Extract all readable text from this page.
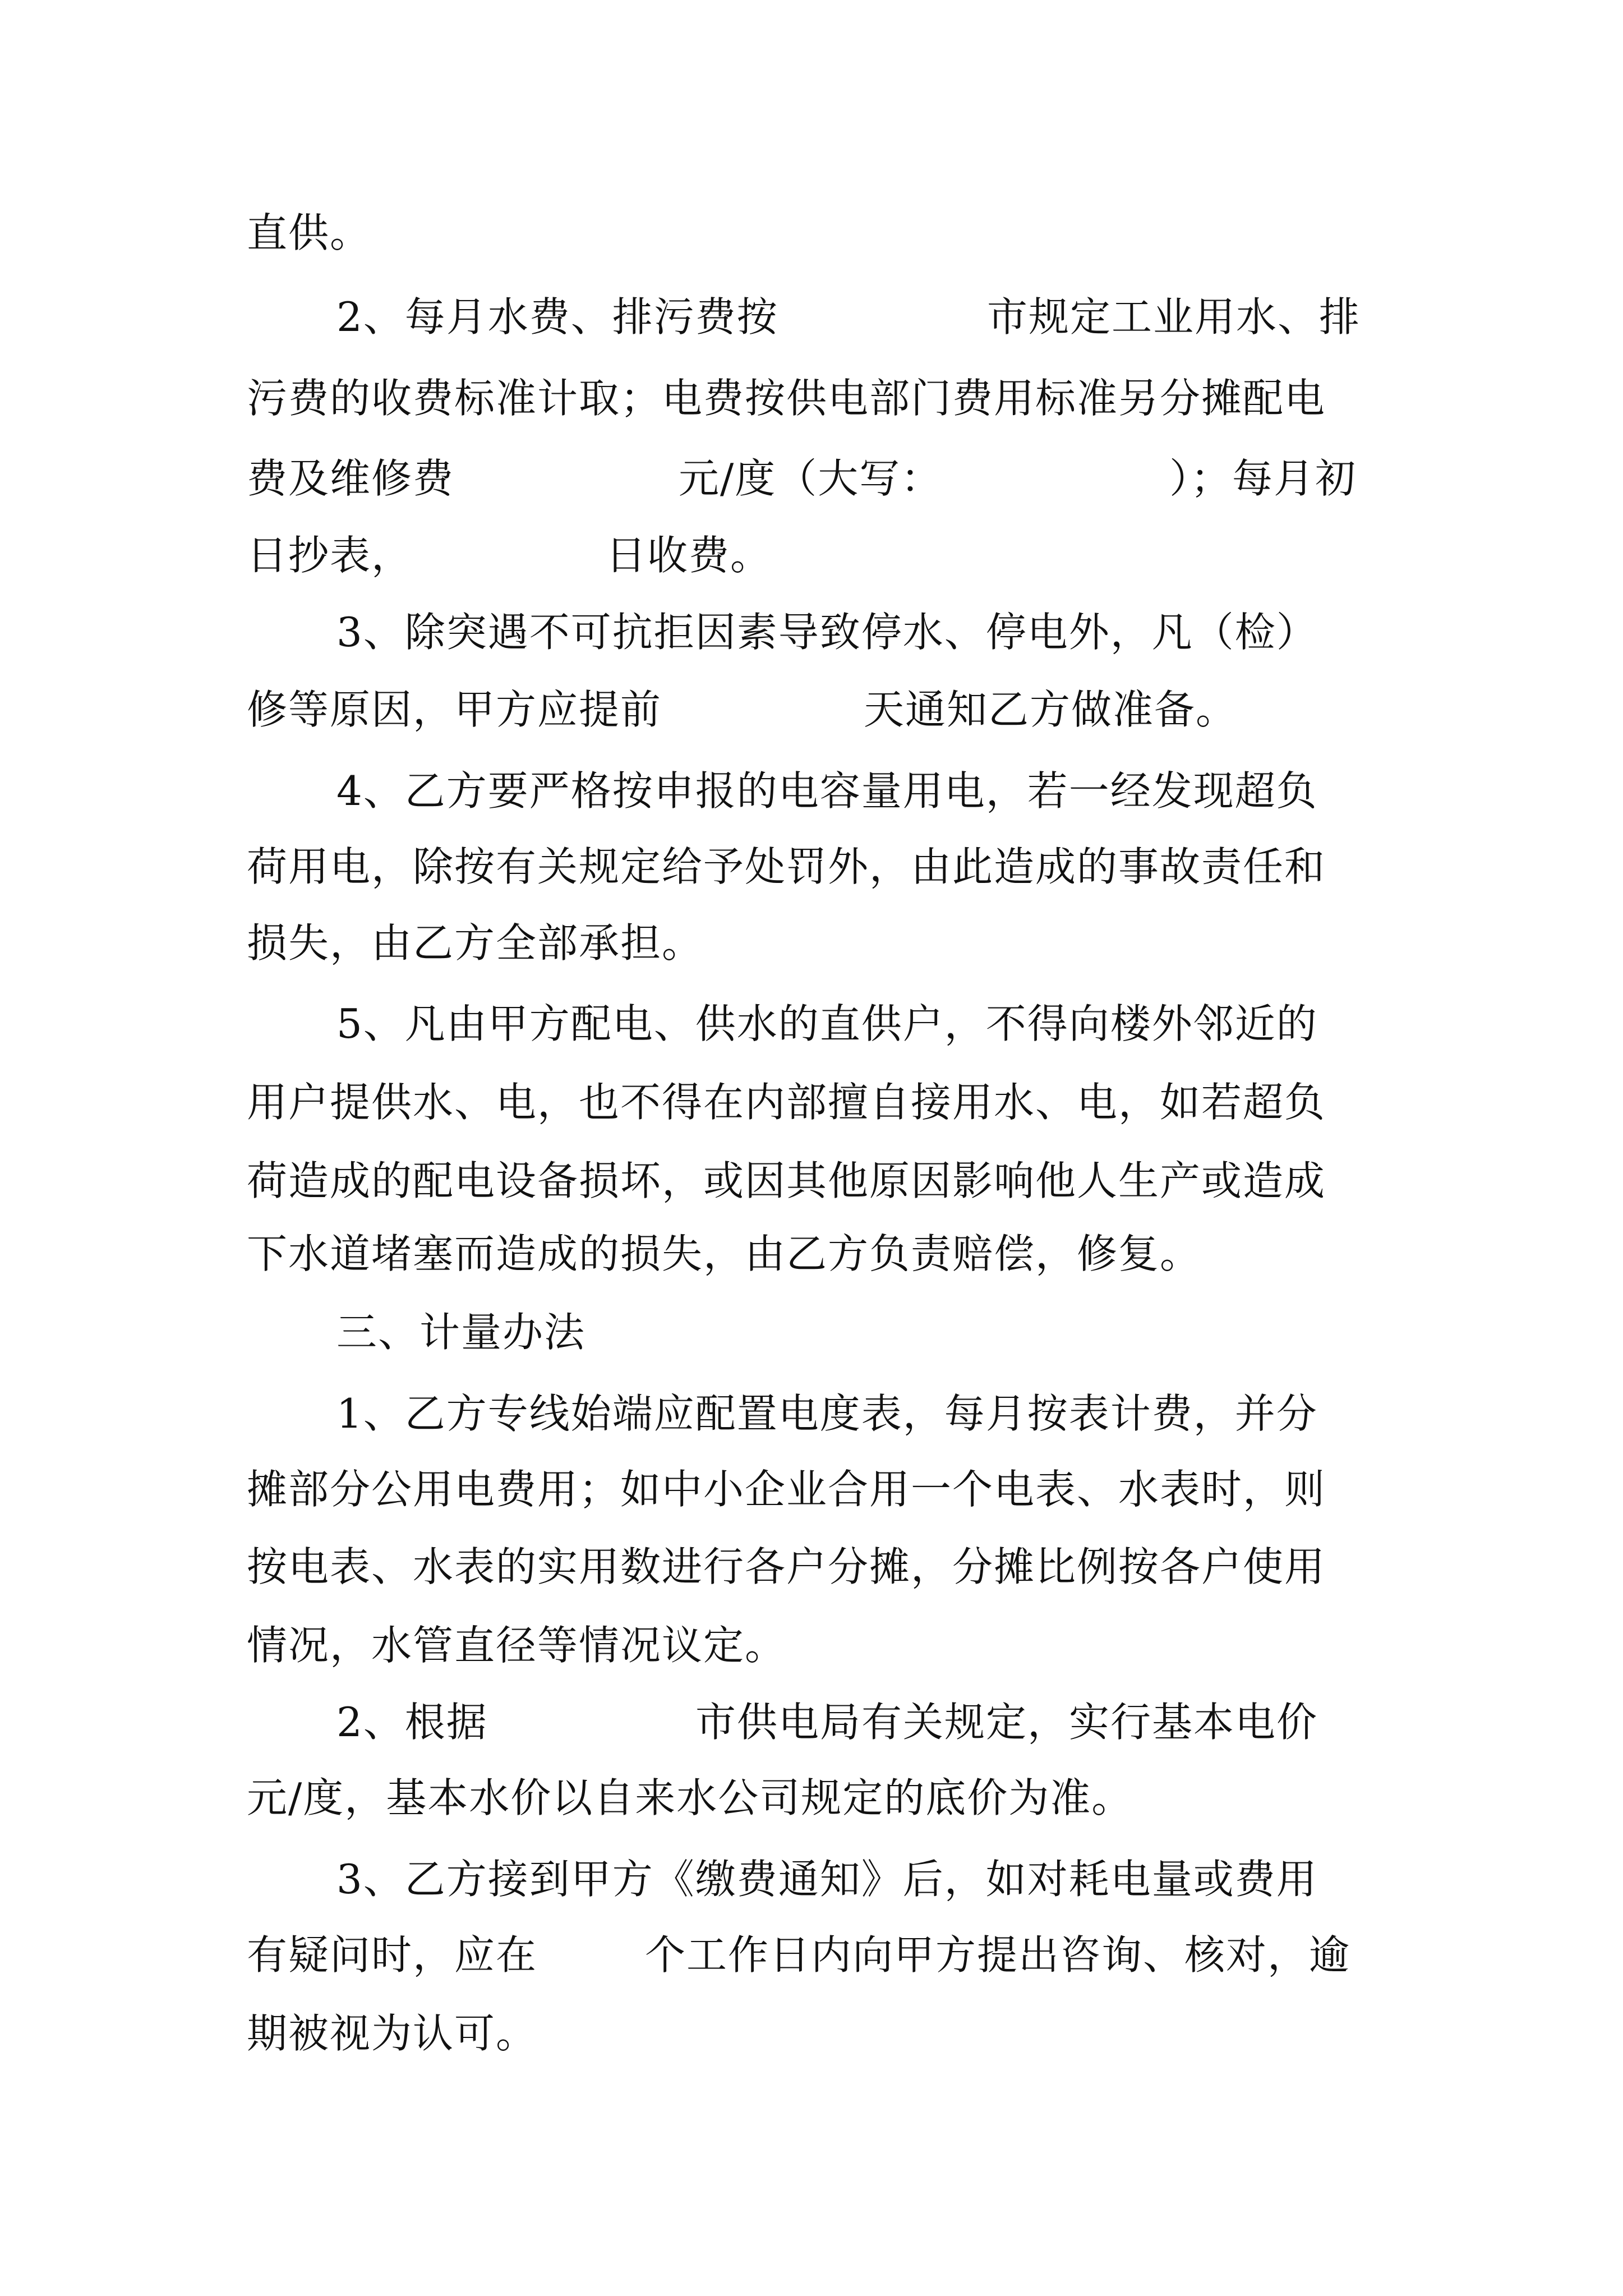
直供。
2、每月水费、排污费按	市规定工业用水、排
污费的收费标准计取；电费按供电部门费用标准另分摊配电
费及维修费	元/度（大写：	）；每月初
日抄表，	日收费。
3、除突遇不可抗拒因素导致停水、停电外，凡（检）
修等原因，甲方应提前	天通知乙方做准备。
4、乙方要严格按申报的电容量用电，若一经发现超负
荷用电，除按有关规定给予处罚外，由此造成的事故责任和
损失，由乙方全部承担。
5、凡由甲方配电、供水的直供户，不得向楼外邻近的
用户提供水、电，也不得在内部擅自接用水、电，如若超负
荷造成的配电设备损坏，或因其他原因影响他人生产或造成
下水道堵塞而造成的损失，由乙方负责赔偿，修复。
三、计量办法
1、乙方专线始端应配置电度表，每月按表计费，并分
摊部分公用电费用；如中小企业合用一个电表、水表时，则
按电表、水表的实用数进行各户分摊，分摊比例按各户使用
情况，水管直径等情况议定。
2、根据	市供电局有关规定，实行基本电价
元/度，基本水价以自来水公司规定的底价为准。
3、乙方接到甲方《缴费通知》后，如对耗电量或费用
有疑问时，应在	个工作日内向甲方提出咨询、核对，逾
期被视为认可。
